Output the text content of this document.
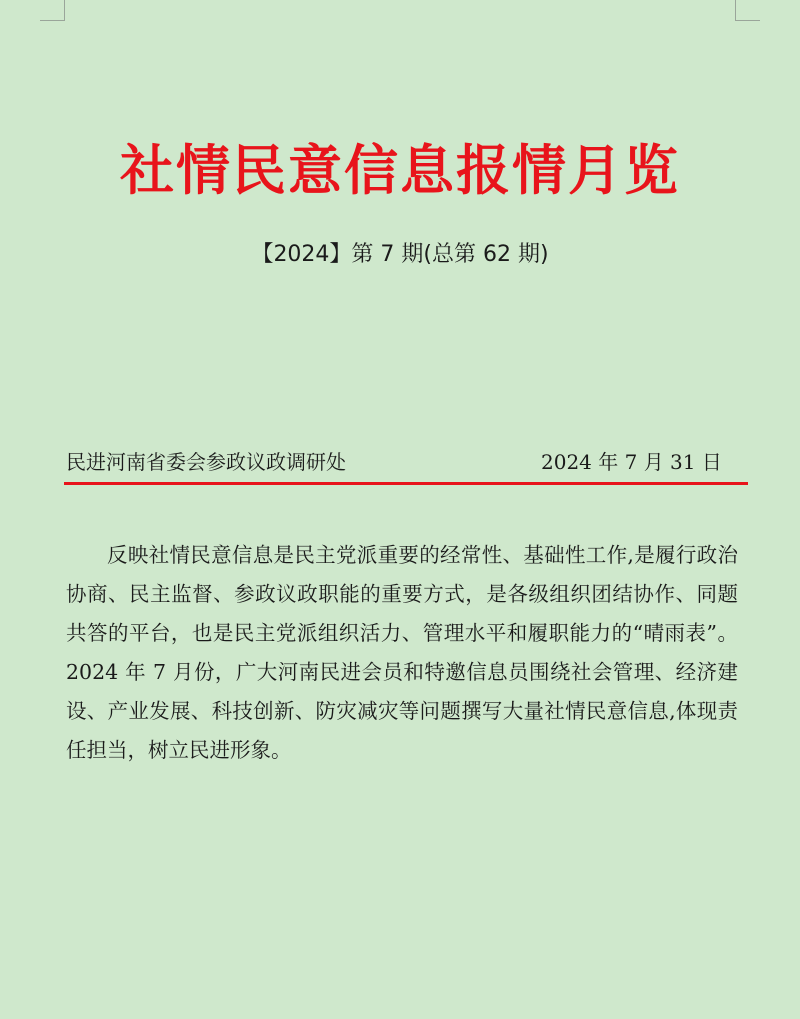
社情民意信息报情月览
【2024】第 7 期(总第 62 期)
民进河南省委会参政议政调研处	2024 年 7 月 31 日

反映社情民意信息是民主党派重要的经常性、基础性工作,是履行政治协商、民主监督、参政议政职能的重要方式，是各级组织团结协作、同题共答的平台，也是民主党派组织活力、管理水平和履职能力的“晴雨表”。2024 年 7 月份，广大河南民进会员和特邀信息员围绕社会管理、经济建设、产业发展、科技创新、防灾减灾等问题撰写大量社情民意信息,体现责任担当，树立民进形象。
